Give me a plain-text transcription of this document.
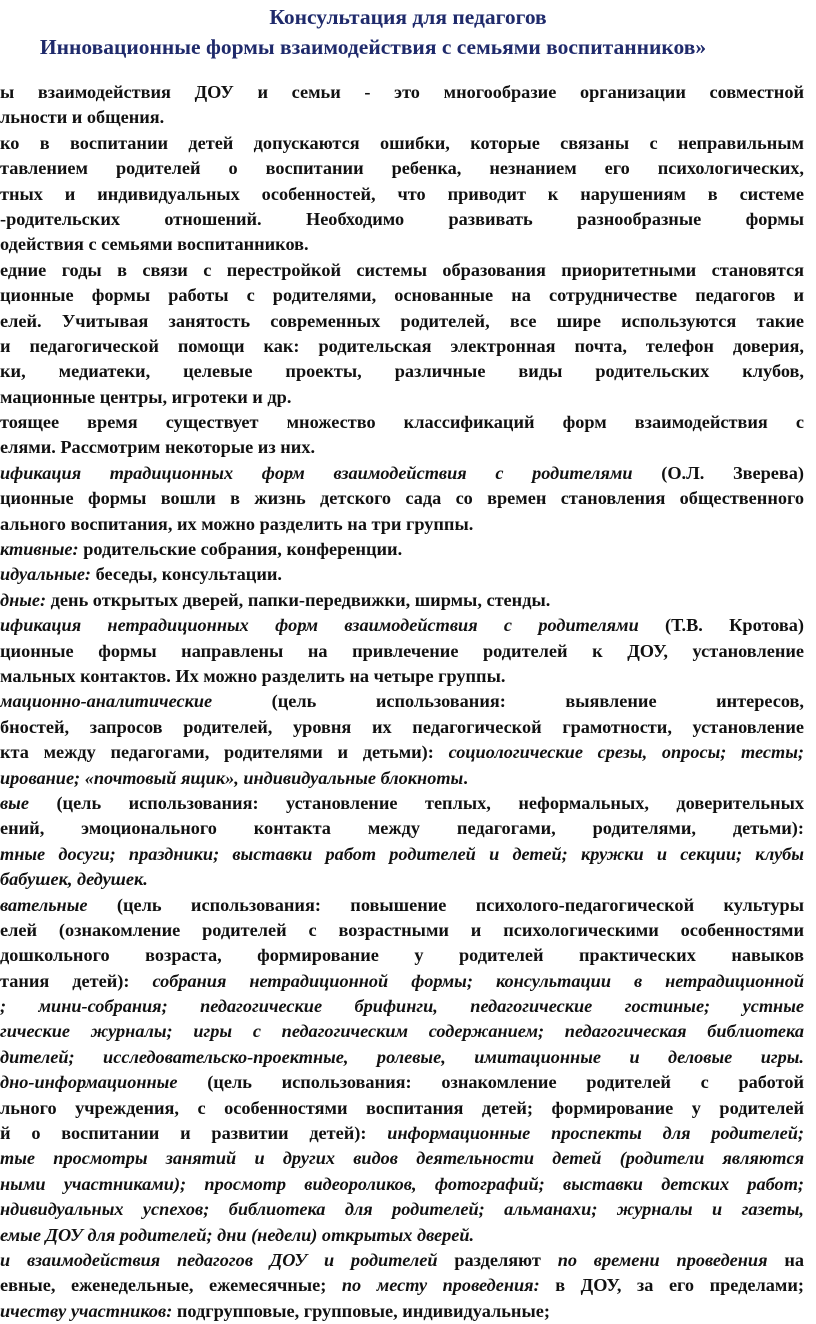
Консультация для педагогов
Инновационные формы взаимодействия с семьями воспитанников»
ы взаимодействия ДОУ и семьи - это многообразие организации совместной
льности и общения.
ко в воспитании детей допускаются ошибки, которые связаны с неправильным
тавлением родителей о воспитании ребенка, незнанием его психологических,
тных и индивидуальных особенностей, что приводит к нарушениям в системе
-родительских отношений. Необходимо развивать разнообразные формы
одействия с семьями воспитанников.
едние годы в связи с перестройкой системы образования приоритетными становятся
ционные формы работы с родителями, основанные на сотрудничестве педагогов и
елей. Учитывая занятость современных родителей, все шире используются такие
и педагогической помощи как: родительская электронная почта, телефон доверия,
ки, медиатеки, целевые проекты, различные виды родительских клубов,
мационные центры, игротеки и др.
тоящее время существует множество классификаций форм взаимодействия с
елями. Рассмотрим некоторые из них.
ификация традиционных форм взаимодействия с родителями (О.Л. Зверева)
ционные формы вошли в жизнь детского сада со времен становления общественного
ального воспитания, их можно разделить на три группы.
ктивные: родительские собрания, конференции.
идуальные: беседы, консультации.
дные: день открытых дверей, папки-передвижки, ширмы, стенды.
ификация нетрадиционных форм взаимодействия с родителями (Т.В. Кротова)
ционные формы направлены на привлечение родителей к ДОУ, установление
мальных контактов. Их можно разделить на четыре группы.
мационно-аналитические (цель использования: выявление интересов,
бностей, запросов родителей, уровня их педагогической грамотности, установление
кта между педагогами, родителями и детьми): социологические срезы, опросы; тесты;
ирование; «почтовый ящик», индивидуальные блокноты.
вые (цель использования: установление теплых, неформальных, доверительных
ений, эмоционального контакта между педагогами, родителями, детьми):
тные досуги; праздники; выставки работ родителей и детей; кружки и секции; клубы
бабушек, дедушек.
вательные (цель использования: повышение психолого-педагогической культуры
елей (ознакомление родителей с возрастными и психологическими особенностями
дошкольного возраста, формирование у родителей практических навыков
тания детей): собрания нетрадиционной формы; консультации в нетрадиционной
; мини-собрания; педагогические брифинги, педагогические гостиные; устные
гические журналы; игры с педагогическим содержанием; педагогическая библиотека
дителей; исследовательско-проектные, ролевые, имитационные и деловые игры.
дно-информационные (цель использования: ознакомление родителей с работой
льного учреждения, с особенностями воспитания детей; формирование у родителей
й о воспитании и развитии детей): информационные проспекты для родителей;
тые просмотры занятий и других видов деятельности детей (родители являются
ными участниками); просмотр видеороликов, фотографий; выставки детских работ;
ндивидуальных успехов; библиотека для родителей; альманахи; журналы и газеты,
емые ДОУ для родителей; дни (недели) открытых дверей.
и взаимодействия педагогов ДОУ и родителей разделяют по времени проведения на
евные, еженедельные, ежемесячные; по месту проведения: в ДОУ, за его пределами;
ичеству участников: подгрупповые, групповые, индивидуальные;
